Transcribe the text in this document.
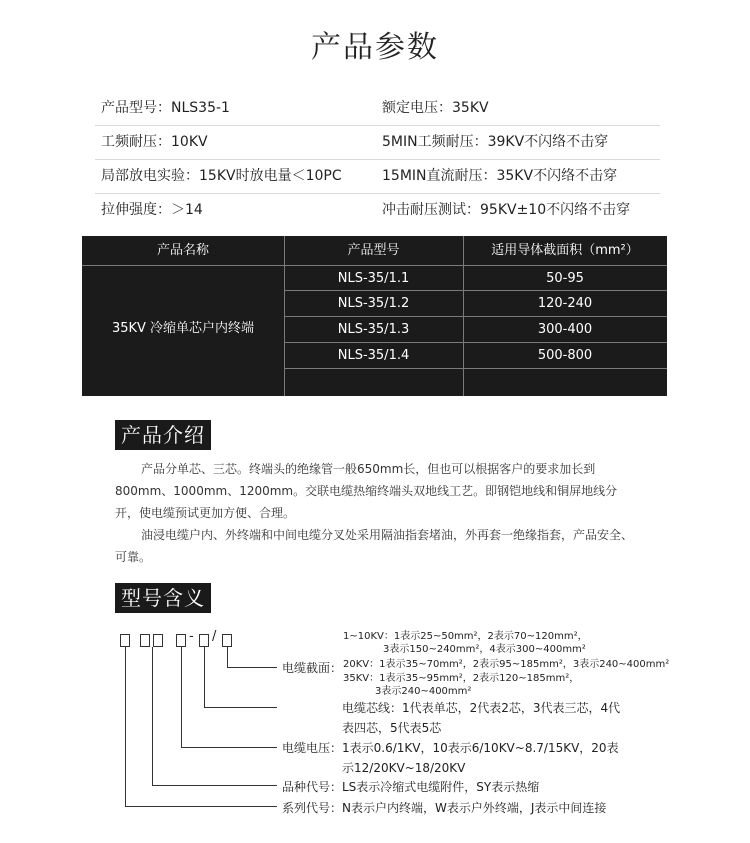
产品参数
产品型号：NLS35-1	额定电压：35KV
工频耐压：10KV	5MIN工频耐压：39KV不闪络不击穿
局部放电实验：15KV时放电量＜10PC	15MIN直流耐压：35KV不闪络不击穿
拉伸强度：＞14	冲击耐压测试：95KV±10不闪络不击穿
产品名称	产品型号	适用导体截面积（mm²）
35KV 冷缩单芯户内终端
NLS-35/1.1	50-95
NLS-35/1.2	120-240
NLS-35/1.3	300-400
NLS-35/1.4	500-800
产品介绍

产品分单芯、三芯。终端头的绝缘管一般650mm长，但也可以根据客户的要求加长到800mm、1000mm、1200mm。交联电缆热缩终端头双地线工艺。即钢铠地线和铜屏地线分开，使电缆预试更加方便、合理。

油浸电缆户内、外终端和中间电缆分叉处采用隔油指套堵油，外再套一绝缘指套，产品安全、可靠。

型号含义
- /
电缆截面：
1~10KV：1表示25~50mm²，2表示70~120mm²，
3表示150~240mm²，4表示300~400mm²
20KV：1表示35~70mm²，2表示95~185mm²，3表示240~400mm²
35KV：1表示35~95mm²，2表示120~185mm²，
3表示240~400mm²
电缆芯线：1代表单芯，2代表2芯，3代表三芯，4代表四芯，5代表5芯
电缆电压：1表示0.6/1KV，10表示6/10KV~8.7/15KV，20表示12/20KV~18/20KV
品种代号：LS表示冷缩式电缆附件，SY表示热缩
系列代号：N表示户内终端，W表示户外终端，J表示中间连接
